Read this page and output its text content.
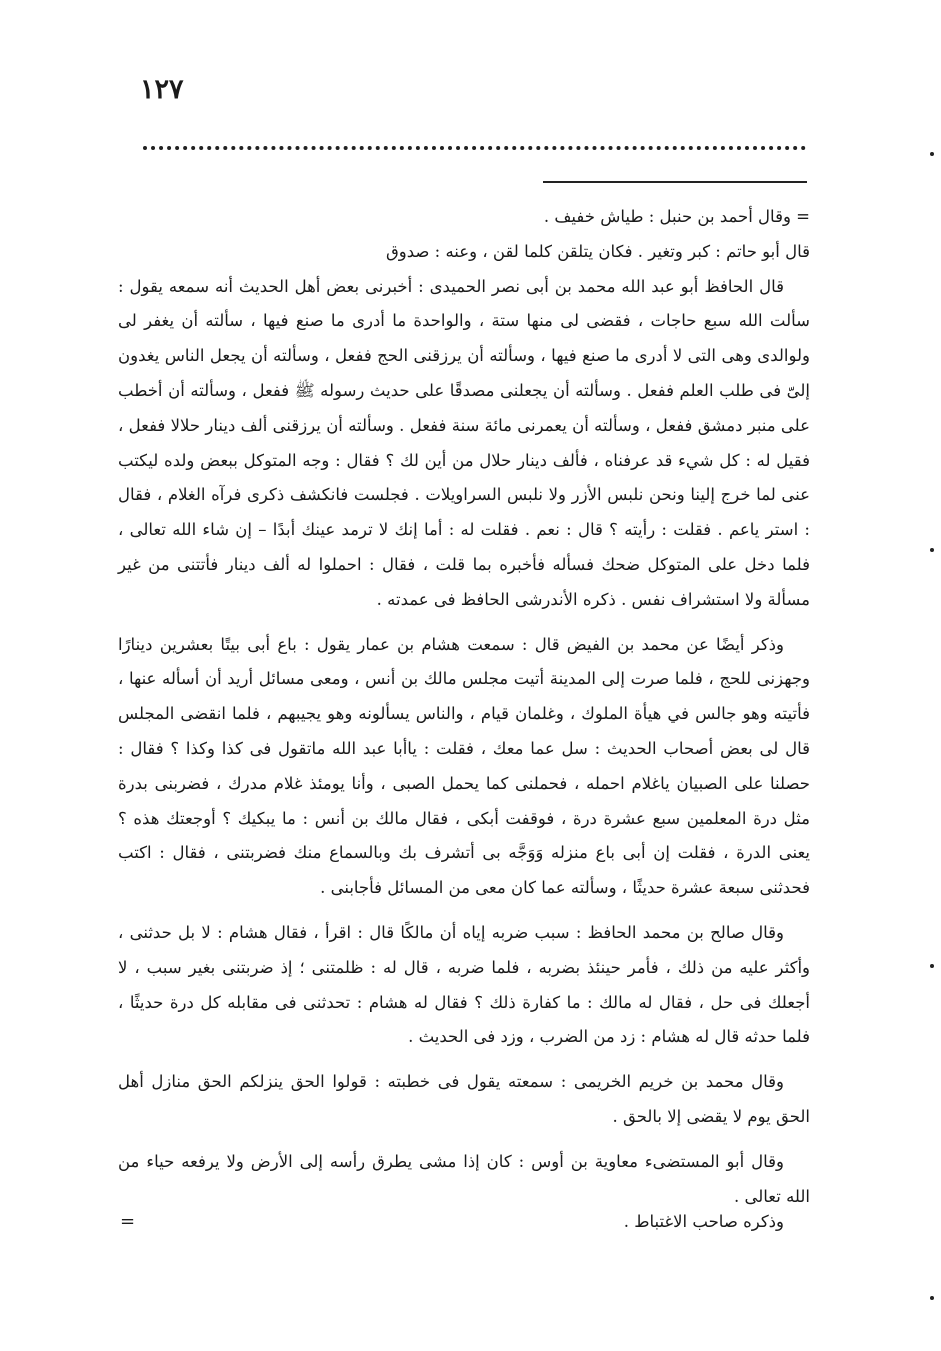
١٢٧

= وقال أحمد بن حنبل : طياش خفيف .

قال أبو حاتم : كبر وتغير . فكان يتلقن كلما لقن ، وعنه : صدوق

قال الحافظ أبو عبد الله محمد بن أبى نصر الحميدى : أخبرنى بعض أهل الحديث أنه سمعه يقول : سألت الله سبع حاجات ، فقضى لى منها ستة ، والواحدة ما أدرى ما صنع فيها ، سألته أن يغفر لى ولوالدى وهى التى لا أدرى ما صنع فيها ، وسألته أن يرزقنى الحج ففعل ، وسألته أن يجعل الناس يغدون إلىّ فى طلب العلم ففعل . وسألته أن يجعلنى مصدقًا على حديث رسوله ﷺ ففعل ، وسألته أن أخطب على منبر دمشق ففعل ، وسألته أن يعمرنى مائة سنة ففعل . وسألته أن يرزقنى ألف دينار حلالا ففعل ، فقيل له : كل شيء قد عرفناه ، فألف دينار حلال من أين لك ؟ فقال : وجه المتوكل ببعض ولده ليكتب عنى لما خرج إلينا ونحن نلبس الأزر ولا نلبس السراويلات . فجلست فانكشف ذكرى فرآه الغلام ، فقال : استر ياعم . فقلت : رأيته ؟ قال : نعم . فقلت له : أما إنك لا ترمد عينك أبدًا – إن شاء الله تعالى ، فلما دخل على المتوكل ضحك فسأله فأخبره بما قلت ، فقال : احملوا له ألف دينار فأتتنى من غير مسألة ولا استشراف نفس . ذكره الأندرشى الحافظ فى عمدته .

وذكر أيضًا عن محمد بن الفيض قال : سمعت هشام بن عمار يقول : باع أبى بيتًا بعشرين دينارًا وجهزنى للحج ، فلما صرت إلى المدينة أتيت مجلس مالك بن أنس ، ومعى مسائل أريد أن أسأله عنها ، فأتيته وهو جالس في هيأة الملوك ، وغلمان قيام ، والناس يسألونه وهو يجيبهم ، فلما انقضى المجلس قال لى بعض أصحاب الحديث : سل عما معك ، فقلت : ياأبا عبد الله ماتقول فى كذا وكذا ؟ فقال : حصلنا على الصبيان ياغلام احمله ، فحملنى كما يحمل الصبى ، وأنا يومئذ غلام مدرك ، فضربنى بدرة مثل درة المعلمين سبع عشرة درة ، فوقفت أبكى ، فقال مالك بن أنس : ما يبكيك ؟ أوجعتك هذه ؟ يعنى الدرة ، فقلت إن أبى باع منزله وَوَجَّه بى أتشرف بك وبالسماع منك فضربتنى ، فقال : اكتب فحدثنى سبعة عشرة حديثًا ، وسألته عما كان معى من المسائل فأجابنى .

وقال صالح بن محمد الحافظ : سبب ضربه إياه أن مالكًا قال : اقرأ ، فقال هشام : لا بل حدثنى ، وأكثر عليه من ذلك ، فأمر حينئذ بضربه ، فلما ضربه ، قال له : ظلمتنى ؛ إذ ضربتنى بغير سبب ، لا أجعلك فى حل ، فقال له مالك : ما كفارة ذلك ؟ فقال له هشام : تحدثنى فى مقابله كل درة حديثًا ، فلما حدثه قال له هشام : زد من الضرب ، وزد فى الحديث .

وقال محمد بن خريم الخريمى : سمعته يقول فى خطبته : قولوا الحق ينزلكم الحق منازل أهل الحق يوم لا يقضى إلا بالحق .

وقال أبو المستضىء معاوية بن أوس : كان إذا مشى يطرق رأسه إلى الأرض ولا يرفعه حياء من الله تعالى .

وذكره صاحب الاغتباط .
=
